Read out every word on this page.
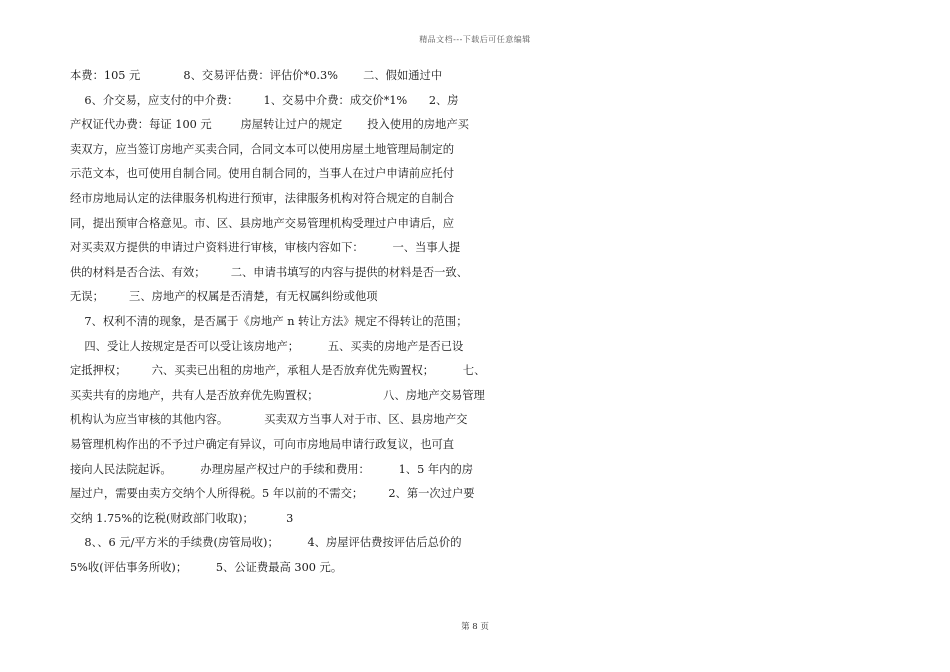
精品文档---下载后可任意编辑
本费：105 元            8、交易评估费：评估价*0.3%       二、假如通过中
6、介交易，应支付的中介费：       1、交易中介费：成交价*1%      2、房
产权证代办费：每证 100 元        房屋转让过户的规定       投入使用的房地产买
卖双方，应当签订房地产买卖合同，合同文本可以使用房屋土地管理局制定的
示范文本，也可使用自制合同。使用自制合同的，当事人在过户申请前应托付
经市房地局认定的法律服务机构进行预审，法律服务机构对符合规定的自制合
同，提出预审合格意见。市、区、县房地产交易管理机构受理过户申请后，应
对买卖双方提供的申请过户资料进行审核，审核内容如下：        一、当事人提
供的材料是否合法、有效；       二、申请书填写的内容与提供的材料是否一致、
无误；       三、房地产的权属是否清楚，有无权属纠纷或他项
7、权利不清的现象，是否属于《房地产 n 转让方法》规定不得转让的范围；
四、受让人按规定是否可以受让该房地产；        五、买卖的房地产是否已设
定抵押权；       六、买卖已出租的房地产，承租人是否放弃优先购置权；        七、
买卖共有的房地产，共有人是否放弃优先购置权；                  八、房地产交易管理
机构认为应当审核的其他内容。          买卖双方当事人对于市、区、县房地产交
易管理机构作出的不予过户确定有异议，可向市房地局申请行政复议，也可直
接向人民法院起诉。        办理房屋产权过户的手续和费用：        1、5 年内的房
屋过户，需要由卖方交纳个人所得税。5 年以前的不需交；       2、第一次过户要
交纳 1.75%的讫税(财政部门收取)；         3
8、、6 元/平方米的手续费(房管局收)；        4、房屋评估费按评估后总价的
5%收(评估事务所收)；        5、公证费最高 300 元。
第 8 页
